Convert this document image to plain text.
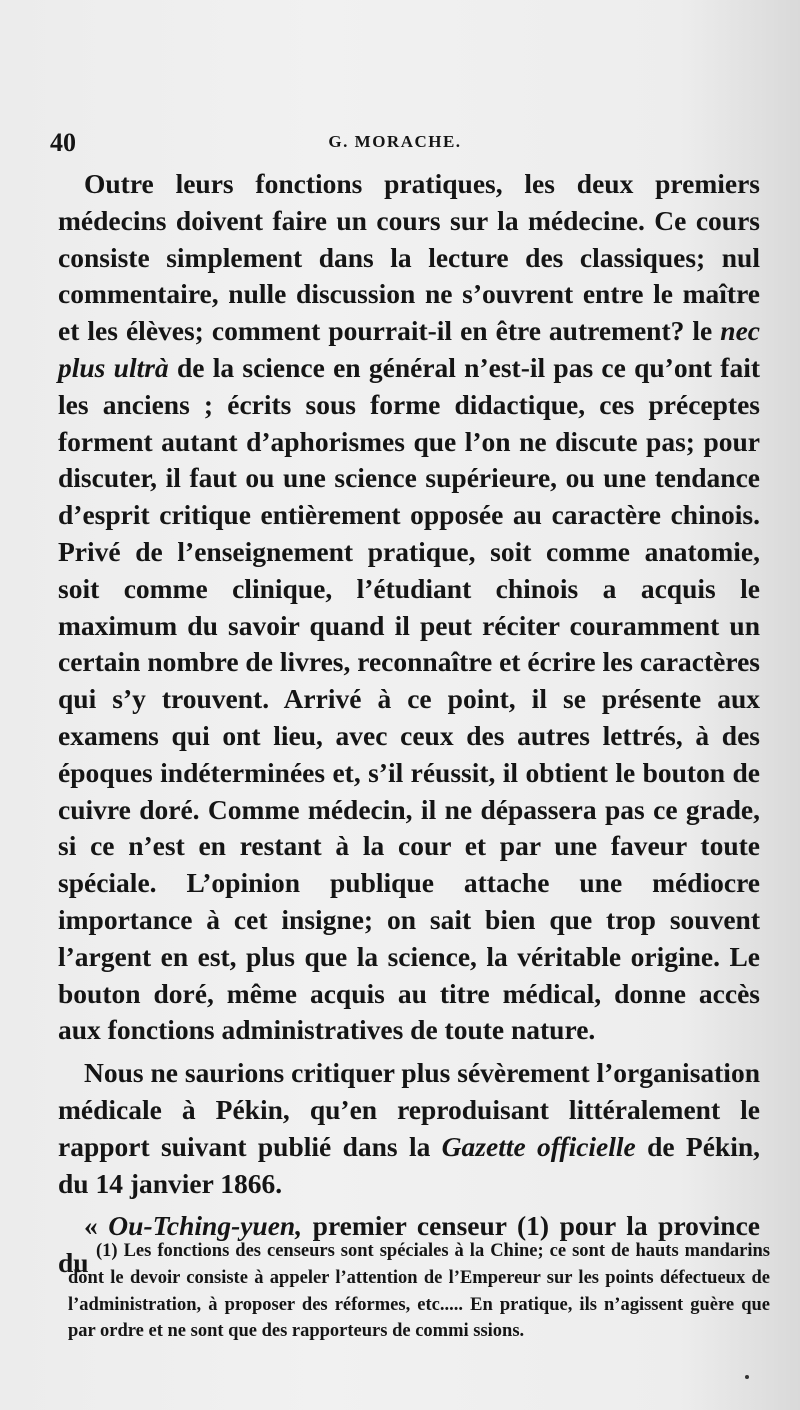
40	G. MORACHE.

Outre leurs fonctions pratiques, les deux premiers médecins doivent faire un cours sur la médecine. Ce cours consiste simplement dans la lecture des classiques; nul commentaire, nulle discussion ne s’ouvrent entre le maître et les élèves; comment pourrait-il en être autrement? le nec plus ultrà de la science en général n’est-il pas ce qu’ont fait les anciens ; écrits sous forme didactique, ces préceptes forment autant d’aphorismes que l’on ne discute pas; pour discuter, il faut ou une science supérieure, ou une tendance d’esprit critique entièrement opposée au caractère chinois. Privé de l’enseignement pratique, soit comme anatomie, soit comme clinique, l’étudiant chinois a acquis le maximum du savoir quand il peut réciter couramment un certain nombre de livres, reconnaître et écrire les caractères qui s’y trouvent. Arrivé à ce point, il se présente aux examens qui ont lieu, avec ceux des autres lettrés, à des époques indéterminées et, s’il réussit, il obtient le bouton de cuivre doré. Comme médecin, il ne dépassera pas ce grade, si ce n’est en restant à la cour et par une faveur toute spéciale. L’opinion publique attache une médiocre importance à cet insigne; on sait bien que trop souvent l’argent en est, plus que la science, la véritable origine. Le bouton doré, même acquis au titre médical, donne accès aux fonctions administratives de toute nature.

Nous ne saurions critiquer plus sévèrement l’organisation médicale à Pékin, qu’en reproduisant littéralement le rapport suivant publié dans la Gazette officielle de Pékin, du 14 janvier 1866.

« Ou-Tching-yuen, premier censeur (1) pour la province du (1) Les fonctions des censeurs sont spéciales à la Chine; ce sont de hauts mandarins dont le devoir consiste à appeler l’attention de l’Empereur sur les points défectueux de l’administration, à proposer des réformes, etc..... En pratique, ils n’agissent guère que par ordre et ne sont que des rapporteurs de commi ssions.
